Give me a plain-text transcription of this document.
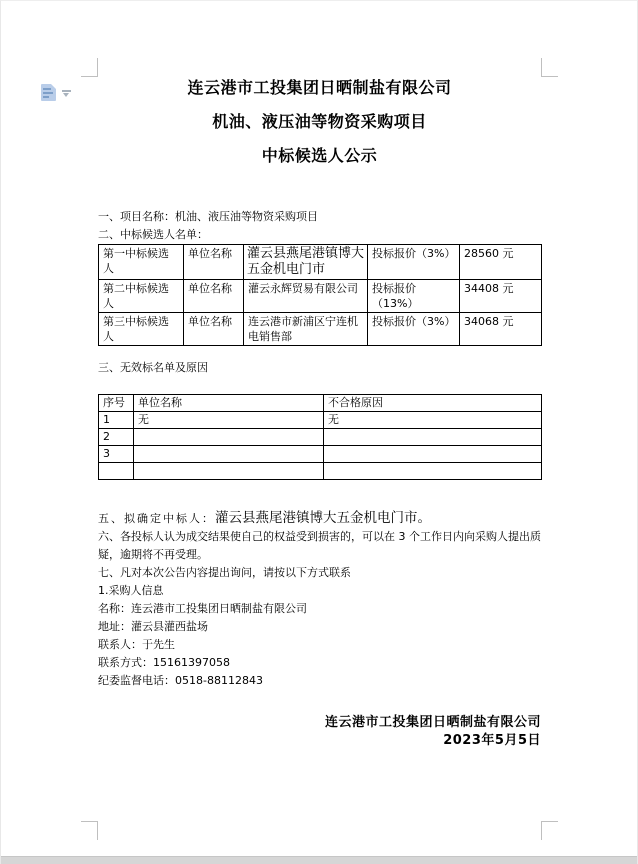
连云港市工投集团日晒制盐有限公司
机油、液压油等物资采购项目
中标候选人公示
一、项目名称：机油、液压油等物资采购项目
二、中标候选人名单：
第一中标候选人	单位名称	灌云县燕尾港镇博大五金机电门市	投标报价（3%）	28560 元
第二中标候选人	单位名称	灌云永辉贸易有限公司	投标报价（13%）	34408 元
第三中标候选人	单位名称	连云港市新浦区宁连机电销售部	投标报价（3%）	34068 元
三、无效标名单及原因
序号	单位名称	不合格原因
1	无	无
2		
3		

五、拟确定中标人：灌云县燕尾港镇博大五金机电门市。
六、各投标人认为成交结果使自己的权益受到损害的，可以在 3 个工作日内向采购人提出质疑，逾期将不再受理。
七、凡对本次公告内容提出询问，请按以下方式联系
1.采购人信息
名称：连云港市工投集团日晒制盐有限公司
地址：灌云县灌西盐场
联系人：于先生
联系方式：15161397058
纪委监督电话：0518-88112843
连云港市工投集团日晒制盐有限公司
2023年5月5日
